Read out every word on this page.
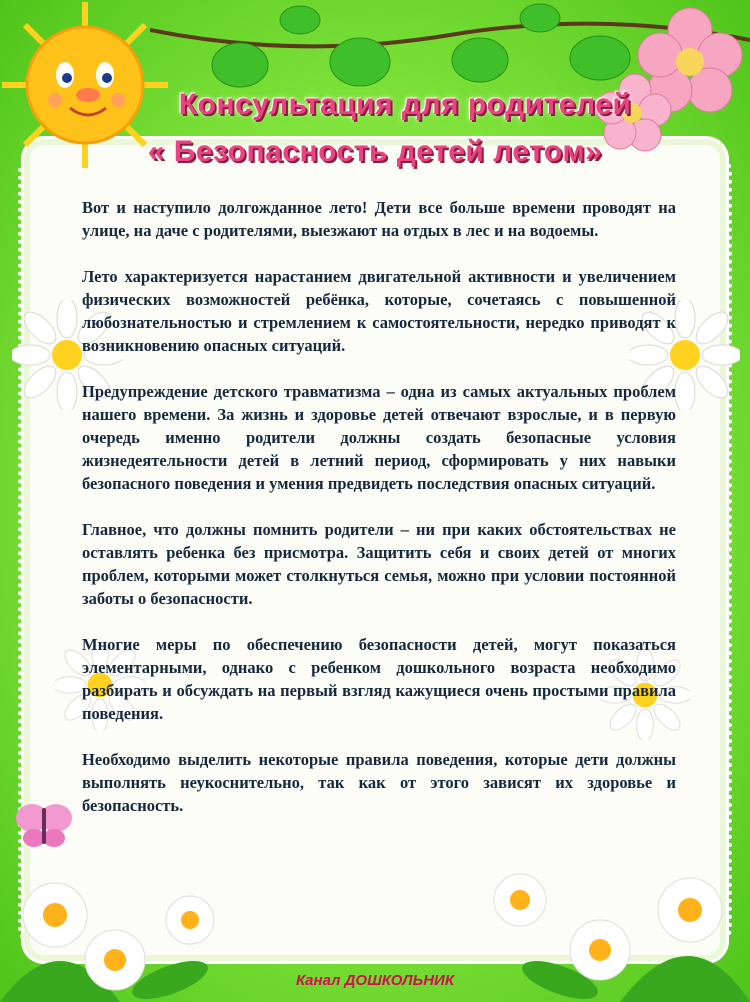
Консультация для родителей
« Безопасность детей летом»

Вот и наступило долгожданное лето! Дети все больше времени проводят на улице, на даче с родителями, выезжают на отдых в лес и на водоемы.

Лето характеризуется нарастанием двигательной активности и увеличением физических возможностей ребёнка, которые, сочетаясь с повышенной любознательностью и стремлением к самостоятельности, нередко приводят к возникновению опасных ситуаций.

Предупреждение детского травматизма – одна из самых актуальных проблем нашего времени. За жизнь и здоровье детей отвечают взрослые, и в первую очередь именно родители должны создать безопасные условия жизнедеятельности детей в летний период, сформировать у них навыки безопасного поведения и умения предвидеть последствия опасных ситуаций.

Главное, что должны помнить родители – ни при каких обстоятельствах не оставлять ребенка без присмотра. Защитить себя и своих детей от многих проблем, которыми может столкнуться семья, можно при условии постоянной заботы о безопасности.

Многие меры по обеспечению безопасности детей, могут показаться элементарными, однако с ребенком дошкольного возраста необходимо разбирать и обсуждать на первый взгляд кажущиеся очень простыми правила поведения.

Необходимо выделить некоторые правила поведения, которые дети должны выполнять неукоснительно, так как от этого зависят их здоровье и безопасность.

Канал ДОШКОЛЬНИК
